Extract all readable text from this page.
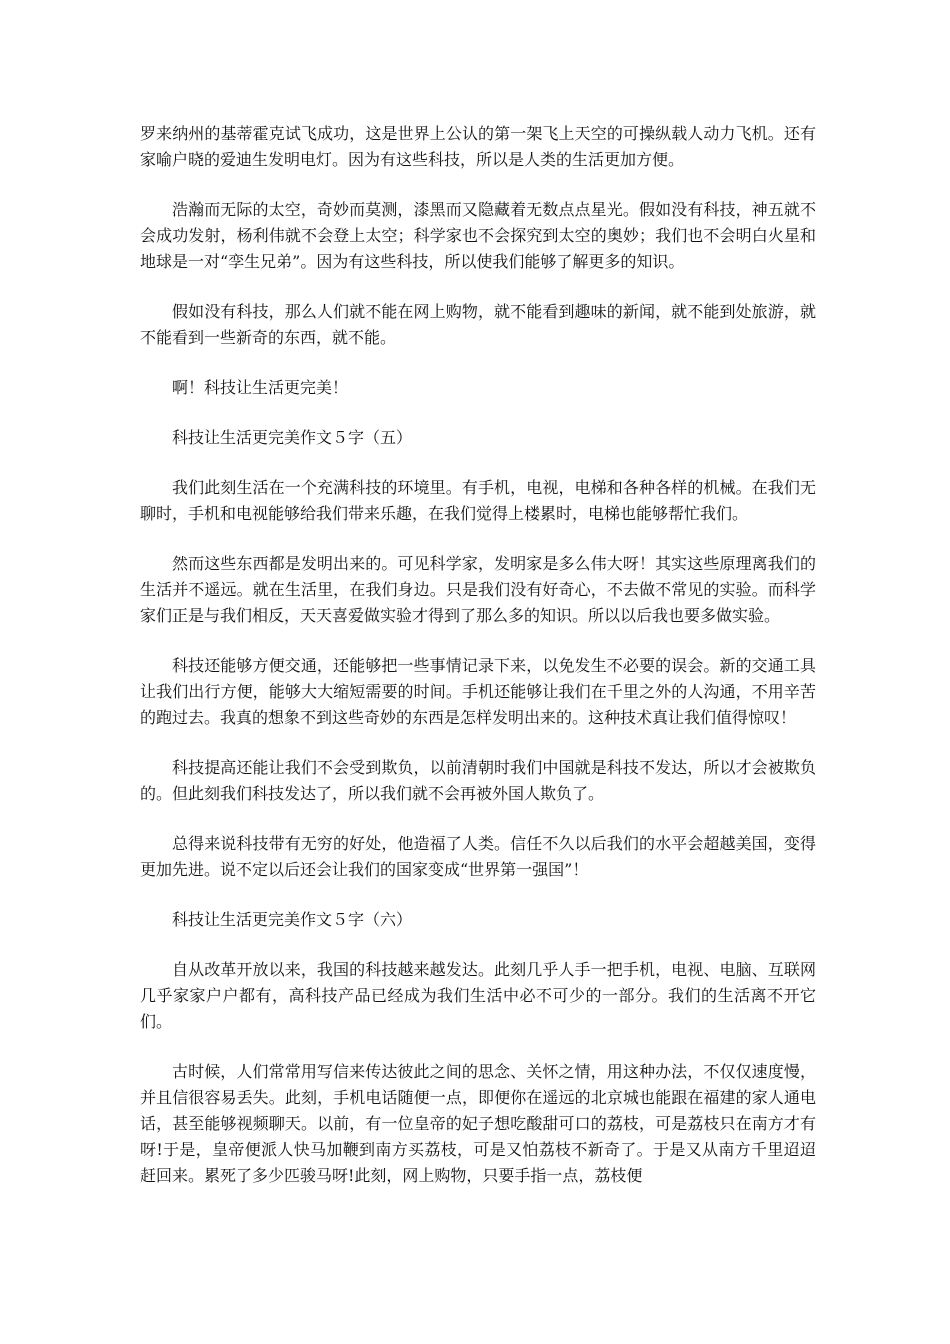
罗来纳州的基蒂霍克试飞成功，这是世界上公认的第一架飞上天空的可操纵载人动力飞机。还有家喻户晓的爱迪生发明电灯。因为有这些科技，所以是人类的生活更加方便。

浩瀚而无际的太空，奇妙而莫测，漆黑而又隐藏着无数点点星光。假如没有科技，神五就不会成功发射，杨利伟就不会登上太空；科学家也不会探究到太空的奥妙；我们也不会明白火星和地球是一对“孪生兄弟”。因为有这些科技，所以使我们能够了解更多的知识。

假如没有科技，那么人们就不能在网上购物，就不能看到趣味的新闻，就不能到处旅游，就不能看到一些新奇的东西，就不能。

啊！科技让生活更完美！

科技让生活更完美作文５字（五）

我们此刻生活在一个充满科技的环境里。有手机，电视，电梯和各种各样的机械。在我们无聊时，手机和电视能够给我们带来乐趣，在我们觉得上楼累时，电梯也能够帮忙我们。

然而这些东西都是发明出来的。可见科学家，发明家是多么伟大呀！其实这些原理离我们的生活并不遥远。就在生活里，在我们身边。只是我们没有好奇心，不去做不常见的实验。而科学家们正是与我们相反，天天喜爱做实验才得到了那么多的知识。所以以后我也要多做实验。

科技还能够方便交通，还能够把一些事情记录下来，以免发生不必要的误会。新的交通工具让我们出行方便，能够大大缩短需要的时间。手机还能够让我们在千里之外的人沟通，不用辛苦的跑过去。我真的想象不到这些奇妙的东西是怎样发明出来的。这种技术真让我们值得惊叹！

科技提高还能让我们不会受到欺负，以前清朝时我们中国就是科技不发达，所以才会被欺负的。但此刻我们科技发达了，所以我们就不会再被外国人欺负了。

总得来说科技带有无穷的好处，他造福了人类。信任不久以后我们的水平会超越美国，变得更加先进。说不定以后还会让我们的国家变成“世界第一强国”！

科技让生活更完美作文５字（六）

自从改革开放以来，我国的科技越来越发达。此刻几乎人手一把手机，电视、电脑、互联网几乎家家户户都有，高科技产品已经成为我们生活中必不可少的一部分。我们的生活离不开它们。

古时候，人们常常用写信来传达彼此之间的思念、关怀之情，用这种办法，不仅仅速度慢，并且信很容易丢失。此刻，手机电话随便一点，即便你在遥远的北京城也能跟在福建的家人通电话，甚至能够视频聊天。以前，有一位皇帝的妃子想吃酸甜可口的荔枝，可是荔枝只在南方才有呀!于是，皇帝便派人快马加鞭到南方买荔枝，可是又怕荔枝不新奇了。于是又从南方千里迢迢赶回来。累死了多少匹骏马呀!此刻，网上购物，只要手指一点，荔枝便
